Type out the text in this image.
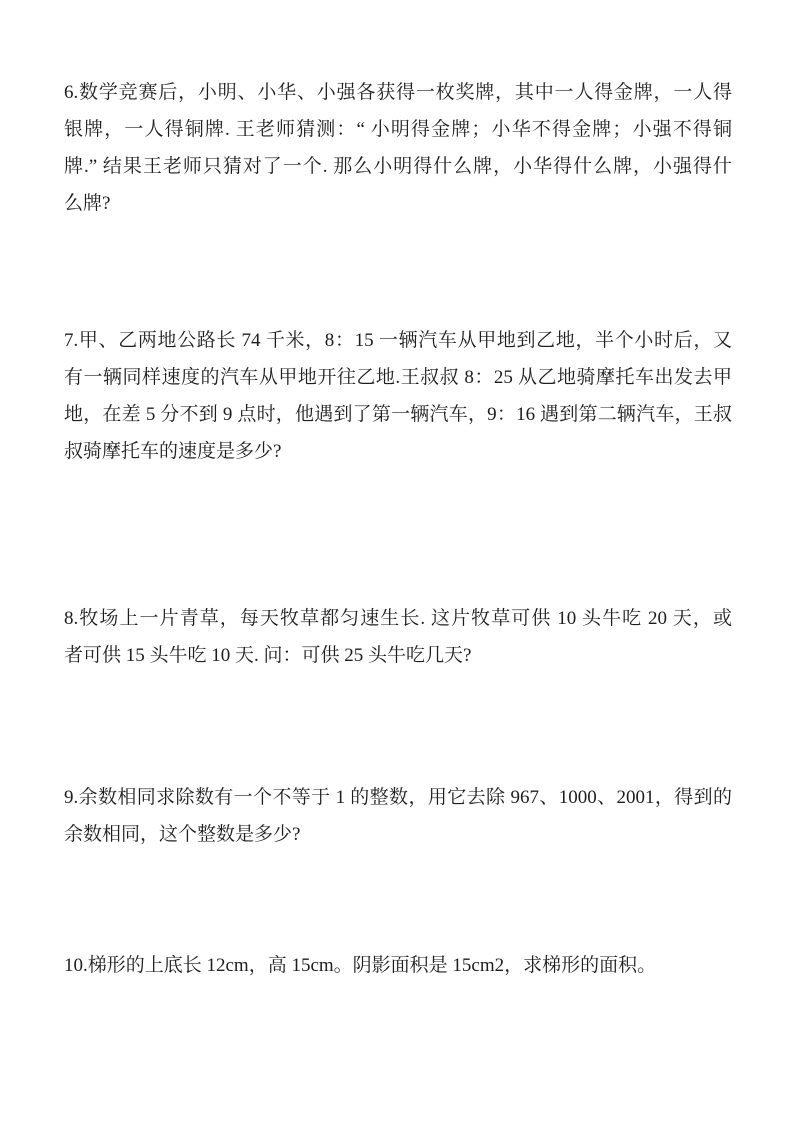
6.数学竞赛后，小明、小华、小强各获得一枚奖牌，其中一人得金牌，一人得
银牌，一人得铜牌. 王老师猜测：“ 小明得金牌；小华不得金牌；小强不得铜
牌.” 结果王老师只猜对了一个. 那么小明得什么牌，小华得什么牌，小强得什
么牌?
7.甲、乙两地公路长 74 千米，8：15 一辆汽车从甲地到乙地，半个小时后，又
有一辆同样速度的汽车从甲地开往乙地.王叔叔 8：25 从乙地骑摩托车出发去甲
地，在差 5 分不到 9 点时，他遇到了第一辆汽车，9：16 遇到第二辆汽车，王叔
叔骑摩托车的速度是多少?
8.牧场上一片青草，每天牧草都匀速生长. 这片牧草可供 10 头牛吃 20 天，或
者可供 15 头牛吃 10 天. 问：可供 25 头牛吃几天?
9.余数相同求除数有一个不等于 1 的整数，用它去除 967、1000、2001，得到的
余数相同，这个整数是多少?
10.梯形的上底长 12cm，高 15cm。阴影面积是 15cm2，求梯形的面积。
